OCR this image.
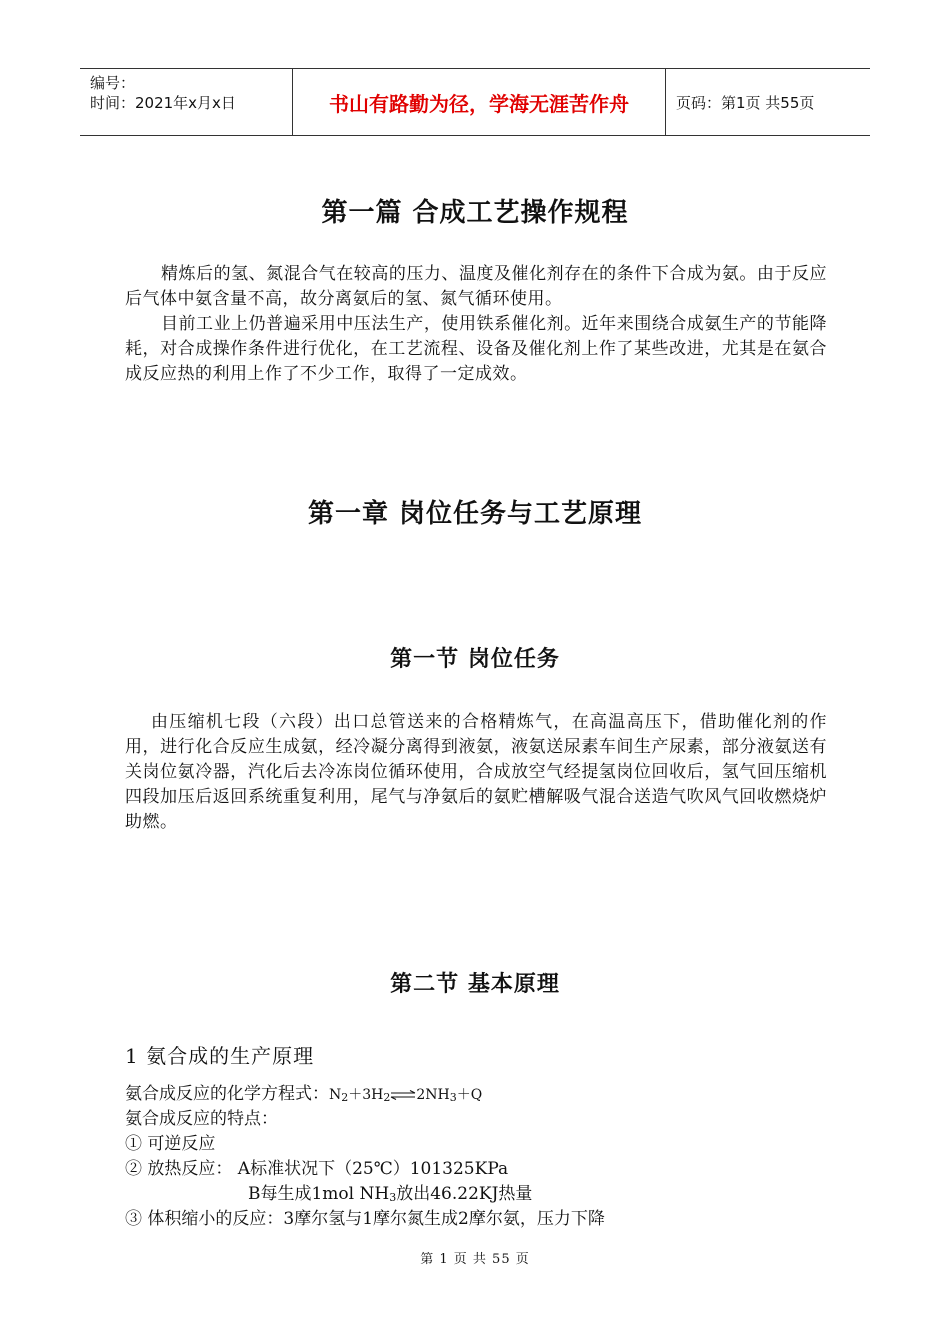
编号：
时间：2021年x月x日	书山有路勤为径，学海无涯苦作舟	页码：第1页 共55页
第一篇 合成工艺操作规程

精炼后的氢、氮混合气在较高的压力、温度及催化剂存在的条件下合成为氨。由于反应后气体中氨含量不高，故分离氨后的氢、氮气循环使用。

目前工业上仍普遍采用中压法生产，使用铁系催化剂。近年来围绕合成氨生产的节能降耗，对合成操作条件进行优化，在工艺流程、设备及催化剂上作了某些改进，尤其是在氨合成反应热的利用上作了不少工作，取得了一定成效。

第一章 岗位任务与工艺原理
第一节 岗位任务

由压缩机七段（六段）出口总管送来的合格精炼气，在高温高压下，借助催化剂的作用，进行化合反应生成氨，经冷凝分离得到液氨，液氨送尿素车间生产尿素，部分液氨送有关岗位氨冷器，汽化后去冷冻岗位循环使用，合成放空气经提氢岗位回收后，氢气回压缩机四段加压后返回系统重复利用，尾气与净氨后的氨贮槽解吸气混合送造气吹风气回收燃烧炉助燃。

第二节 基本原理

1 氨合成的生产原理

氨合成反应的化学方程式：N2＋3H2⇌2NH3＋Q

氨合成反应的特点：

① 可逆反应

② 放热反应： A标准状况下（25℃）101325KPa

B每生成1mol NH3放出46.22KJ热量

③ 体积缩小的反应：3摩尔氢与1摩尔氮生成2摩尔氨，压力下降

第 1 页 共 55 页
